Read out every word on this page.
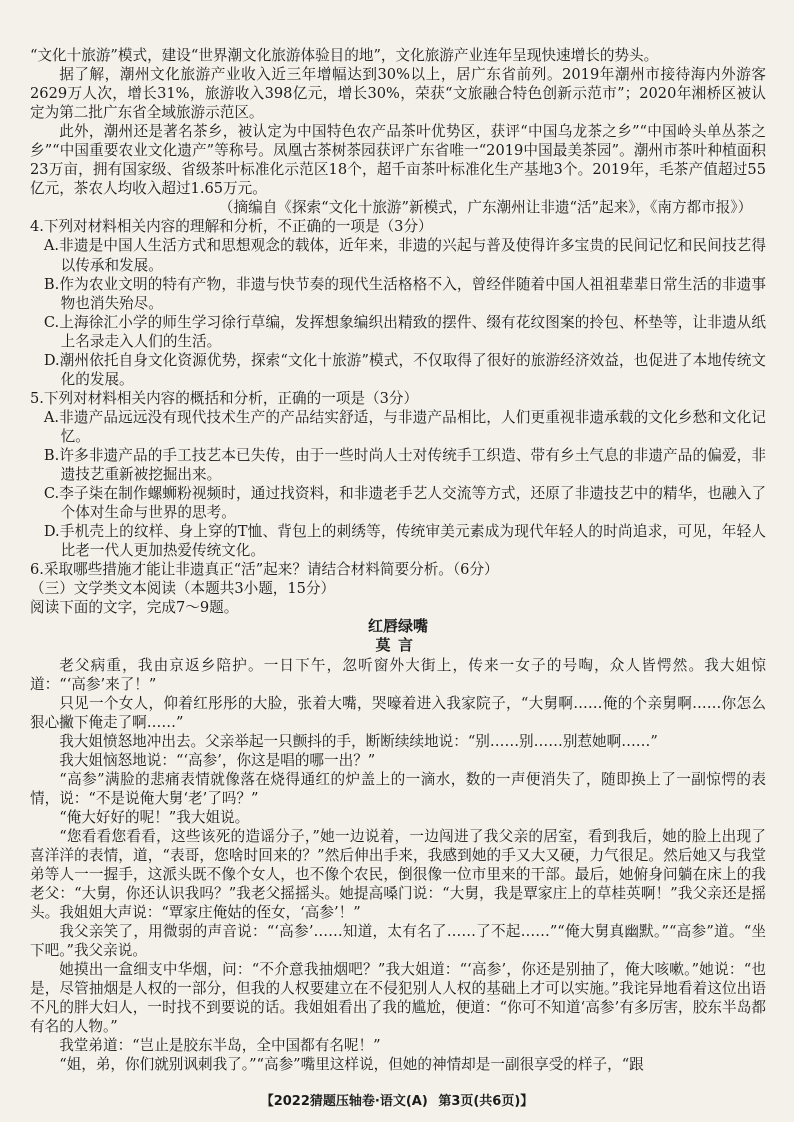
“文化十旅游”模式，建设“世界潮文化旅游体验目的地”，文化旅游产业连年呈现快速增长的势头。

据了解，潮州文化旅游产业收入近三年增幅达到30%以上，居广东省前列。2019年潮州市接待海内外游客2629万人次，增长31%，旅游收入398亿元，增长30%，荣获“文旅融合特色创新示范市”；2020年湘桥区被认定为第二批广东省全域旅游示范区。

此外，潮州还是著名茶乡，被认定为中国特色农产品茶叶优势区，获评“中国乌龙茶之乡”“中国岭头单丛茶之乡”“中国重要农业文化遗产”等称号。凤凰古茶树茶园获评广东省唯一“2019中国最美茶园”。潮州市茶叶种植面积23万亩，拥有国家级、省级茶叶标准化示范区18个，超千亩茶叶标准化生产基地3个。2019年，毛茶产值超过55亿元，茶农人均收入超过1.65万元。

（摘编自《探索“文化十旅游”新模式，广东潮州让非遗“活”起来》，《南方都市报》）

4.下列对材料相关内容的理解和分析，不正确的一项是（3分）

A.非遗是中国人生活方式和思想观念的载体，近年来，非遗的兴起与普及使得许多宝贵的民间记忆和民间技艺得以传承和发展。

B.作为农业文明的特有产物，非遗与快节奏的现代生活格格不入，曾经伴随着中国人祖祖辈辈日常生活的非遗事物也消失殆尽。

C.上海徐汇小学的师生学习徐行草编，发挥想象编织出精致的摆件、缀有花纹图案的拎包、杯垫等，让非遗从纸上名录走入人们的生活。

D.潮州依托自身文化资源优势，探索“文化十旅游”模式，不仅取得了很好的旅游经济效益，也促进了本地传统文化的发展。

5.下列对材料相关内容的概括和分析，正确的一项是（3分）

A.非遗产品远远没有现代技术生产的产品结实舒适，与非遗产品相比，人们更重视非遗承载的文化乡愁和文化记忆。

B.许多非遗产品的手工技艺本已失传，由于一些时尚人士对传统手工织造、带有乡土气息的非遗产品的偏爱，非遗技艺重新被挖掘出来。

C.李子柒在制作螺蛳粉视频时，通过找资料，和非遗老手艺人交流等方式，还原了非遗技艺中的精华，也融入了个体对生命与世界的思考。

D.手机壳上的纹样、身上穿的T恤、背包上的刺绣等，传统审美元素成为现代年轻人的时尚追求，可见，年轻人比老一代人更加热爱传统文化。

6.采取哪些措施才能让非遗真正“活”起来？请结合材料简要分析。（6分）

（三）文学类文本阅读（本题共3小题，15分）

阅读下面的文字，完成7～9题。

红唇绿嘴

莫言

老父病重，我由京返乡陪护。一日下午，忽听窗外大街上，传来一女子的号啕，众人皆愕然。我大姐惊道：“‘高参’来了！”

只见一个女人，仰着红彤彤的大脸，张着大嘴，哭嚎着进入我家院子，“大舅啊……俺的个亲舅啊……你怎么狠心撇下俺走了啊……”

我大姐愤怒地冲出去。父亲举起一只颤抖的手，断断续续地说：“别……别……别惹她啊……”

我大姐恼怒地说：“‘高参’，你这是唱的哪一出？”

“高参”满脸的悲痛表情就像落在烧得通红的炉盖上的一滴水，数的一声便消失了，随即换上了一副惊愕的表情，说：“不是说俺大舅‘老’了吗？”

“俺大好好的呢！”我大姐说。

“您看看您看看，这些该死的造谣分子，”她一边说着，一边闯进了我父亲的居室，看到我后，她的脸上出现了喜洋洋的表情，道，“表哥，您啥时回来的？”然后伸出手来，我感到她的手又大又硬，力气很足。然后她又与我堂弟等人一一握手，这派头既不像个女人，也不像个农民，倒很像一位市里来的干部。最后，她俯身问躺在床上的我老父：“大舅，你还认识我吗？”我老父摇摇头。她提高嗓门说：“大舅，我是覃家庄上的草桂英啊！”我父亲还是摇头。我姐姐大声说：“覃家庄俺姑的侄女，‘高参’！”

我父亲笑了，用微弱的声音说：“‘高参’……知道，太有名了……了不起……”“俺大舅真幽默。”“高参”道。“坐下吧。”我父亲说。

她摸出一盒细支中华烟，问：“不介意我抽烟吧？”我大姐道：“‘高参’，你还是别抽了，俺大咳嗽。”她说：“也是，尽管抽烟是人权的一部分，但我的人权要建立在不侵犯别人人权的基础上才可以实施。”我诧异地看着这位出语不凡的胖大妇人，一时找不到要说的话。我姐姐看出了我的尴尬，便道：“你可不知道‘高参’有多厉害，胶东半岛都有名的人物。”

我堂弟道：“岂止是胶东半岛，全中国都有名呢！”

“姐，弟，你们就别讽刺我了。”“高参”嘴里这样说，但她的神情却是一副很享受的样子，“跟

【2022猜题压轴卷·语文(A) 第3页(共6页)】
